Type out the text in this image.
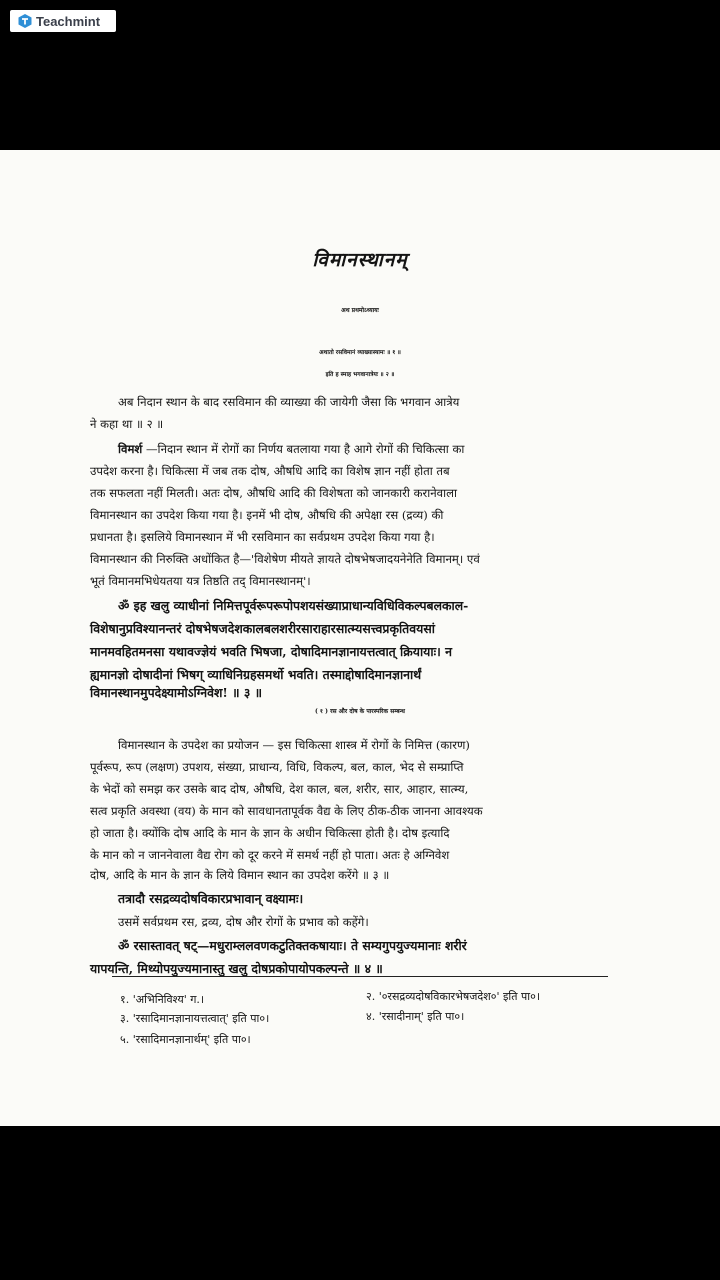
Teachmint
विमानस्थानम्
अथ प्रथमोऽध्यायः
अथातो रसविमानं व्याख्यास्यामः ॥ १ ॥
इति ह स्माह भगवानात्रेयः ॥ २ ॥
अब निदान स्थान के बाद रसविमान की व्याख्या की जायेगी जैसा कि भगवान आत्रेय
ने कहा था ॥ २ ॥
विमर्श —निदान स्थान में रोगों का निर्णय बतलाया गया है आगे रोगों की चिकित्सा का
उपदेश करना है। चिकित्सा में जब तक दोष, औषधि आदि का विशेष ज्ञान नहीं होता तब
तक सफलता नहीं मिलती। अतः दोष, औषधि आदि की विशेषता को जानकारी करानेवाला
विमानस्थान का उपदेश किया गया है। इनमें भी दोष, औषधि की अपेक्षा रस (द्रव्य) की
प्रधानता है। इसलिये विमानस्थान में भी रसविमान का सर्वप्रथम उपदेश किया गया है।
विमानस्थान की निरुक्ति अधोंकित है—'विशेषेण मीयते ज्ञायते दोषभेषजादयनेनेति विमानम्। एवं
भूतं विमानमभिधेयतया यत्र तिष्ठति तद् विमानस्थानम्'।
ॐ इह खलु व्याधीनां निमित्तपूर्वरूपरूपोपशयसंख्याप्राधान्यविधिविकल्पबलकाल-
विशेषानुप्रविश्यानन्तरं दोषभेषजदेशकालबलशरीरसाराहारसात्म्यसत्त्वप्रकृतिवयसां
मानमवहितमनसा यथावज्ज्ञेयं भवति भिषजा, दोषादिमानज्ञानायत्तत्वात् क्रियायाः। न
ह्यमानज्ञो दोषादीनां भिषग् व्याधिनिग्रहसमर्थो भवति। तस्माद्दोषादिमानज्ञानार्थं
विमानस्थानमुपदेक्ष्यामोऽग्निवेश! ॥ ३ ॥
( १ ) रस और दोष के पारस्परिक सम्बन्ध
विमानस्थान के उपदेश का प्रयोजन — इस चिकित्सा शास्त्र में रोगों के निमित्त (कारण)
पूर्वरूप, रूप (लक्षण) उपशय, संख्या, प्राधान्य, विधि, विकल्प, बल, काल, भेद से सम्प्राप्ति
के भेदों को समझ कर उसके बाद दोष, औषधि, देश काल, बल, शरीर, सार, आहार, सात्म्य,
सत्व प्रकृति अवस्था (वय) के मान को सावधानतापूर्वक वैद्य के लिए ठीक-ठीक जानना आवश्यक
हो जाता है। क्योंकि दोष आदि के मान के ज्ञान के अधीन चिकित्सा होती है। दोष इत्यादि
के मान को न जाननेवाला वैद्य रोग को दूर करने में समर्थ नहीं हो पाता। अतः हे अग्निवेश
दोष, आदि के मान के ज्ञान के लिये विमान स्थान का उपदेश करेंगे ॥ ३ ॥
तत्रादौ रसद्रव्यदोषविकारप्रभावान् वक्ष्यामः।
उसमें सर्वप्रथम रस, द्रव्य, दोष और रोगों के प्रभाव को कहेंगे।
ॐ रसास्तावत् षट्—मधुराम्ललवणकटुतिक्तकषायाः। ते सम्यगुपयुज्यमानाः शरीरं
यापयन्ति, मिथ्योपयुज्यमानास्तु खलु दोषप्रकोपायोपकल्पन्ते ॥ ४ ॥
१. 'अभिनिविश्य' ग.।	२. '०रसद्रव्यदोषविकारभेषजदेश०' इति पा०।
३. 'रसादिमानज्ञानायत्तत्वात्' इति पा०।	४. 'रसादीनाम्' इति पा०।
५. 'रसादिमानज्ञानार्थम्' इति पा०।
